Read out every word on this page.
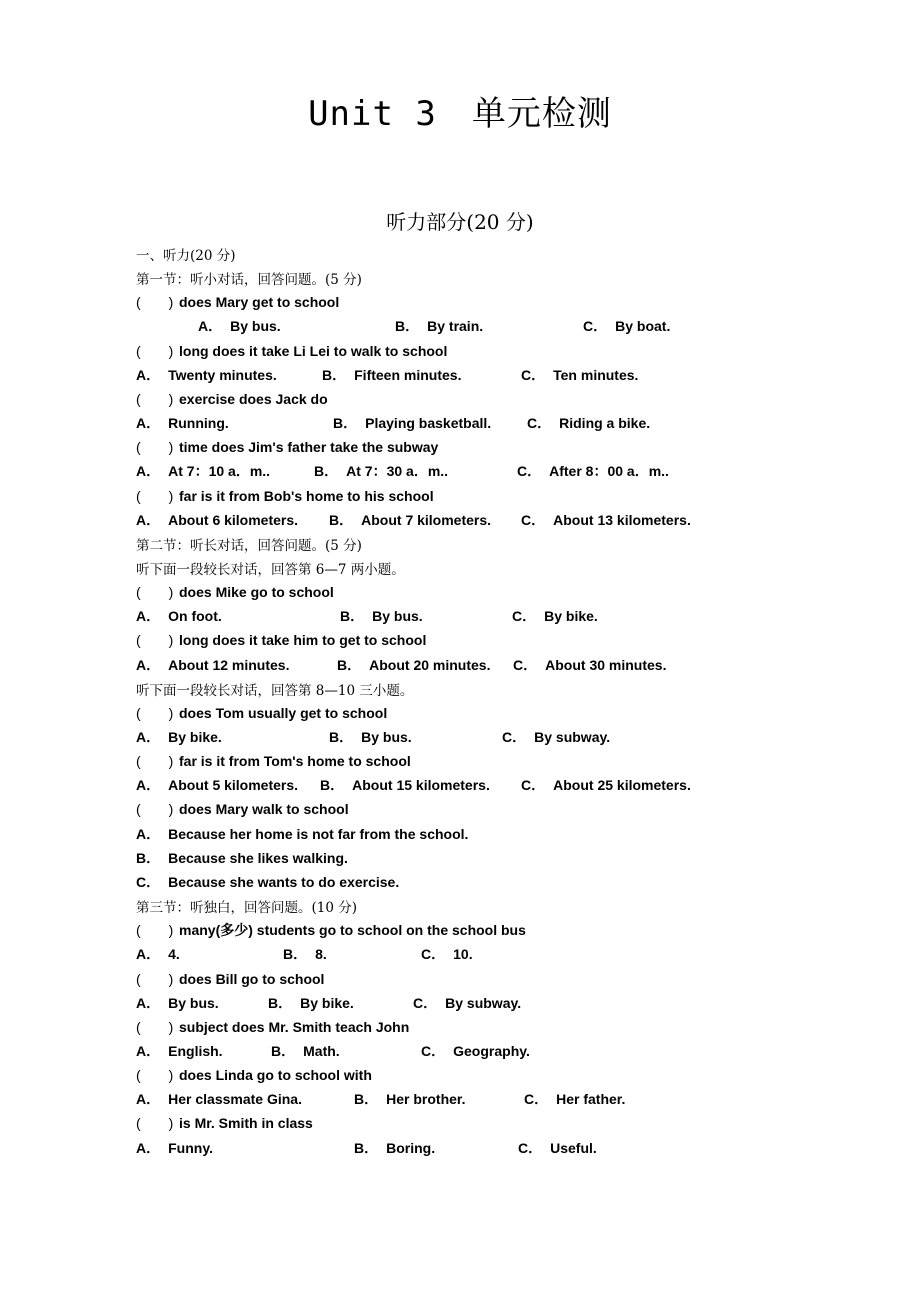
Unit 3　单元检测
听力部分(20 分)
一、听力(20 分)
第一节：听小对话，回答问题。(5 分)
(　　) does Mary get to school
A． By bus.	B． By train.	C． By boat.
(　　) long does it take Li Lei to walk to school
A． Twenty minutes.	B． Fifteen minutes.	C． Ten minutes.
(　　) exercise does Jack do
A． Running.	B． Playing basketball.	C． Riding a bike.
(　　) time does Jim's father take the subway
A． At 7：10 a．m..	B． At 7：30 a．m..	C． After 8：00 a．m..
(　　) far is it from Bob's home to his school
A． About 6 kilometers. B． About 7 kilometers. C． About 13 kilometers.
第二节：听长对话，回答问题。(5 分)
听下面一段较长对话，回答第 6—7 两小题。
(　　) does Mike go to school
A． On foot.	B． By bus.	C． By bike.
(　　) long does it take him to get to school
A． About 12 minutes.	B． About 20 minutes. C． About 30 minutes.
听下面一段较长对话，回答第 8—10 三小题。
(　　) does Tom usually get to school
A． By bike.	B． By bus.	C． By subway.
(　　) far is it from Tom's home to school
A． About 5 kilometers. B． About 15 kilometers. C． About 25 kilometers.
(　　) does Mary walk to school
A． Because her home is not far from the school.
B． Because she likes walking.
C． Because she wants to do exercise.
第三节：听独白，回答问题。(10 分)
(　　) many(多少) students go to school on the school bus
A． 4.	B． 8.	C． 10.
(　　) does Bill go to school
A． By bus.	B． By bike.	C． By subway.
(　　) subject does Mr. Smith teach John
A． English.	B． Math.	C． Geography.
(　　) does Linda go to school with
A． Her classmate Gina.	B． Her brother.	C． Her father.
(　　) is Mr. Smith in class
A． Funny.	B． Boring.	C． Useful.
